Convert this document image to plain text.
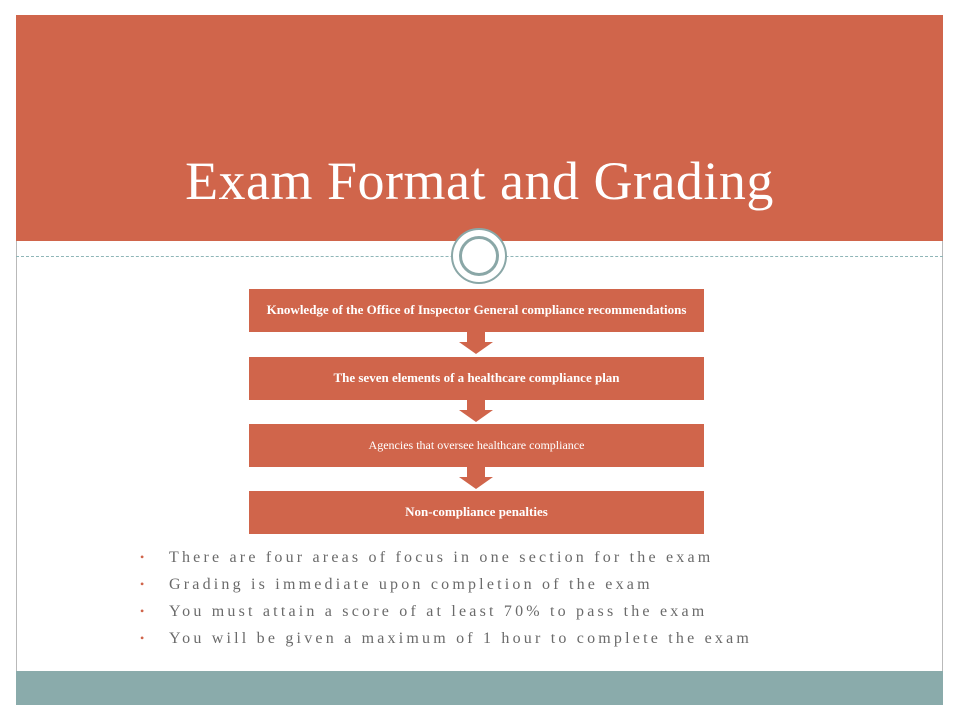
Exam Format and Grading
Knowledge of the Office of Inspector General compliance recommendations
The seven elements of a healthcare compliance plan
Agencies that oversee healthcare compliance
Non-compliance penalties
• There are four areas of focus in one section for the exam
• Grading is immediate upon completion of the exam
• You must attain a score of at least 70% to pass the exam
• You will be given a maximum of 1 hour to complete the exam
